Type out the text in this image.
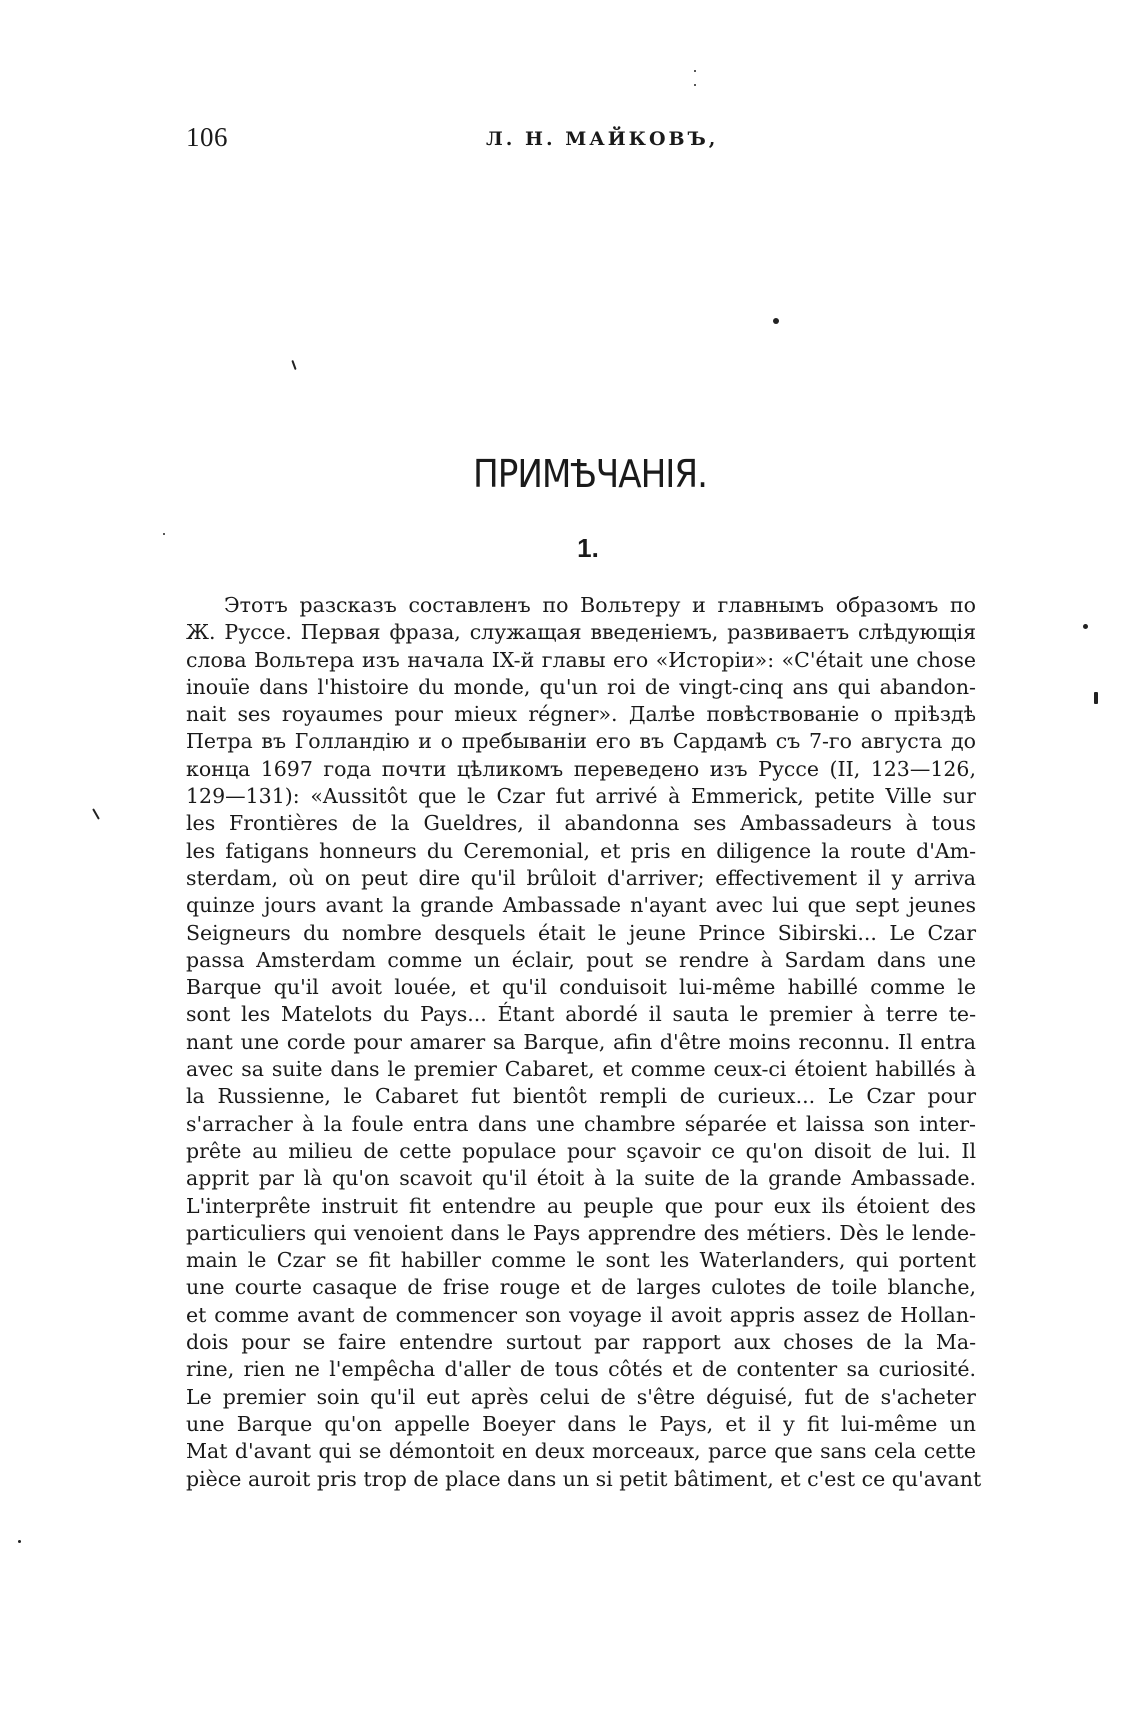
106	Л. Н. МАЙКОВЪ,
ПРИМѢЧАНІЯ.
1.
Этотъ разсказъ составленъ по Вольтеру и главнымъ образомъ по
Ж. Руссе. Первая фраза, служащая введеніемъ, развиваетъ слѣдующія
слова Вольтера изъ начала IX-й главы его «Исторіи»: «C'était une chose
inouïe dans l'histoire du monde, qu'un roi de vingt-cinq ans qui abandon-
nait ses royaumes pour mieux régner». Далѣе повѣствованіе о пріѣздѣ
Петра въ Голландію и о пребываніи его въ Сардамѣ съ 7-го августа до
конца 1697 года почти цѣликомъ переведено изъ Руссе (II, 123—126,
129—131): «Aussitôt que le Czar fut arrivé à Emmerick, petite Ville sur
les Frontières de la Gueldres, il abandonna ses Ambassadeurs à tous
les fatigans honneurs du Ceremonial, et pris en diligence la route d'Am-
sterdam, où on peut dire qu'il brûloit d'arriver; effectivement il y arriva
quinze jours avant la grande Ambassade n'ayant avec lui que sept jeunes
Seigneurs du nombre desquels était le jeune Prince Sibirski... Le Czar
passa Amsterdam comme un éclair, pout se rendre à Sardam dans une
Barque qu'il avoit louée, et qu'il conduisoit lui-même habillé comme le
sont les Matelots du Pays... Étant abordé il sauta le premier à terre te-
nant une corde pour amarer sa Barque, afin d'être moins reconnu. Il entra
avec sa suite dans le premier Cabaret, et comme ceux-ci étoient habillés à
la Russienne, le Cabaret fut bientôt rempli de curieux... Le Czar pour
s'arracher à la foule entra dans une chambre séparée et laissa son inter-
prête au milieu de cette populace pour sçavoir ce qu'on disoit de lui. Il
apprit par là qu'on scavoit qu'il étoit à la suite de la grande Ambassade.
L'interprête instruit fit entendre au peuple que pour eux ils étoient des
particuliers qui venoient dans le Pays apprendre des métiers. Dès le lende-
main le Czar se fit habiller comme le sont les Waterlanders, qui portent
une courte casaque de frise rouge et de larges culotes de toile blanche,
et comme avant de commencer son voyage il avoit appris assez de Hollan-
dois pour se faire entendre surtout par rapport aux choses de la Ma-
rine, rien ne l'empêcha d'aller de tous côtés et de contenter sa curiosité.
Le premier soin qu'il eut après celui de s'être déguisé, fut de s'acheter
une Barque qu'on appelle Boeyer dans le Pays, et il y fit lui-même un
Mat d'avant qui se démontoit en deux morceaux, parce que sans cela cette
pièce auroit pris trop de place dans un si petit bâtiment, et c'est ce qu'avant
